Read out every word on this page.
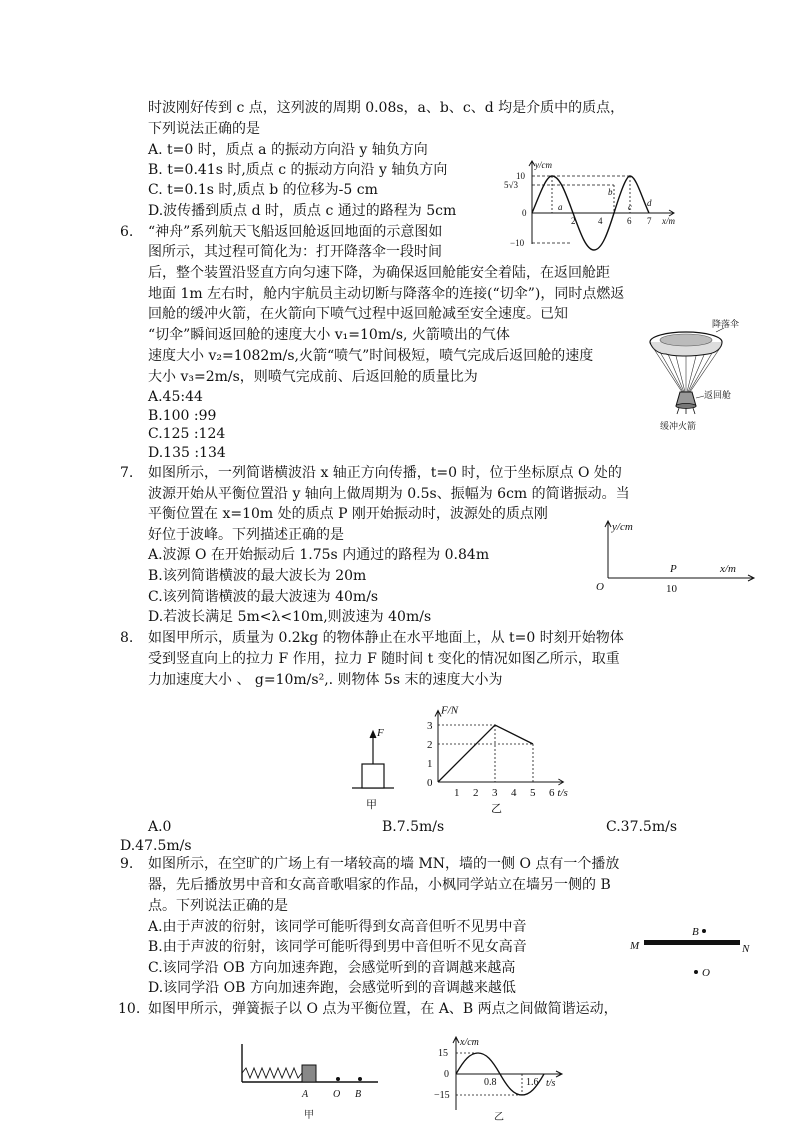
时波刚好传到 c 点，这列波的周期 0.08s，a、b、c、d 均是介质中的质点，
下列说法正确的是
A. t=0 时，质点 a 的振动方向沿 y 轴负方向
B. t=0.41s 时,质点 c 的振动方向沿 y 轴负方向
C. t=0.1s 时,质点 b 的位移为-5 cm
D.波传播到质点 d 时，质点 c 通过的路程为 5cm
y/cm
x/m
10
5√3
0
−10
2	4	6 7
a
b
c d
6. “神舟”系列航天飞船返回舱返回地面的示意图如
图所示，其过程可简化为：打开降落伞一段时间
后，整个装置沿竖直方向匀速下降，为确保返回舱能安全着陆，在返回舱距
地面 1m 左右时，舱内宇航员主动切断与降落伞的连接(“切伞”)，同时点燃返
回舱的缓冲火箭，在火箭向下喷气过程中返回舱减至安全速度。已知
“切伞”瞬间返回舱的速度大小 v₁=10m/s, 火箭喷出的气体
速度大小 v₂=1082m/s,火箭“喷气”时间极短，喷气完成后返回舱的速度
大小 v₃=2m/s，则喷气完成前、后返回舱的质量比为
A.45:44
B.100 :99
C.125 :124
D.135 :134
降落伞
返回舱
缓冲火箭
7. 如图所示，一列简谐横波沿 x 轴正方向传播，t=0 时，位于坐标原点 O 处的
波源开始从平衡位置沿 y 轴向上做周期为 0.5s、振幅为 6cm 的简谐振动。当
平衡位置在 x=10m 处的质点 P 刚开始振动时，波源处的质点刚
好位于波峰。下列描述正确的是
A.波源 O 在开始振动后 1.75s 内通过的路程为 0.84m
B.该列简谐横波的最大波长为 20m
C.该列简谐横波的最大波速为 40m/s
D.若波长满足 5m<λ<10m,则波速为 40m/s
y/cm
x/m
O
P
10
8. 如图甲所示，质量为 0.2kg 的物体静止在水平地面上，从 t=0 时刻开始物体
受到竖直向上的拉力 F 作用，拉力 F 随时间 t 变化的情况如图乙所示，取重
力加速度大小 、 g=10m/s²,. 则物体 5s 末的速度大小为
F
甲
0
1
2
3
1 2 3 4 5 6
F/N
t/s
乙
A.0	B.7.5m/s	C.37.5m/s
D.47.5m/s
9. 如图所示，在空旷的广场上有一堵较高的墙 MN，墙的一侧 O 点有一个播放
器，先后播放男中音和女高音歌唱家的作品，小枫同学站立在墙另一侧的 B
点。下列说法正确的是
A.由于声波的衍射，该同学可能听得到女高音但听不见男中音
B.由于声波的衍射，该同学可能听得到男中音但听不见女高音
C.该同学沿 OB 方向加速奔跑，会感觉听到的音调越来越高
D.该同学沿 OB 方向加速奔跑，会感觉听到的音调越来越低
M	N
B
O
10. 如图甲所示，弹簧振子以 O 点为平衡位置，在 A、B 两点之间做简谐运动，
A O B
甲
x/cm
t/s
15
0
−15
0.8	1.6
乙
